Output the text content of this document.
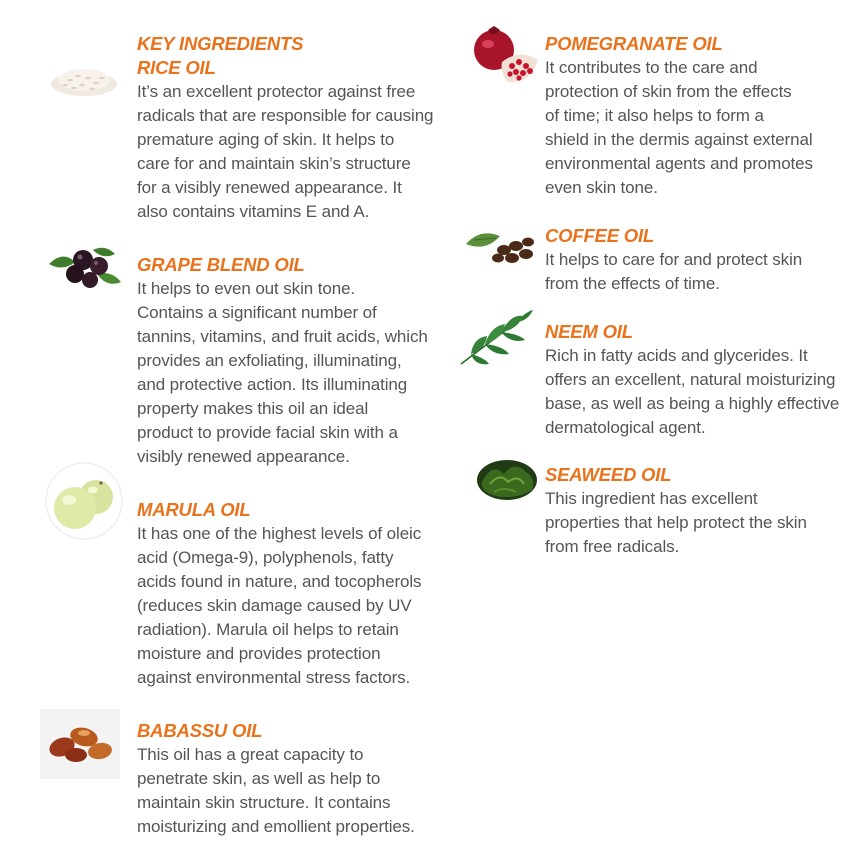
KEY INGREDIENTS
RICE OIL
It’s an excellent protector against free
radicals that are responsible for causing
premature aging of skin. It helps to
care for and maintain skin’s structure
for a visibly renewed appearance. It
also contains vitamins E and A.
GRAPE BLEND OIL
It helps to even out skin tone.
Contains a significant number of
tannins, vitamins, and fruit acids, which
provides an exfoliating, illuminating,
and protective action. Its illuminating
property makes this oil an ideal
product to provide facial skin with a
visibly renewed appearance.
MARULA OIL
It has one of the highest levels of oleic
acid (Omega-9), polyphenols, fatty
acids found in nature, and tocopherols
(reduces skin damage caused by UV
radiation). Marula oil helps to retain
moisture and provides protection
against environmental stress factors.
BABASSU OIL
This oil has a great capacity to
penetrate skin, as well as help to
maintain skin structure. It contains
moisturizing and emollient properties.
POMEGRANATE OIL
It contributes to the care and
protection of skin from the effects
of time; it also helps to form a
shield in the dermis against external
environmental agents and promotes
even skin tone.
COFFEE OIL
It helps to care for and protect skin
from the effects of time.
NEEM OIL
Rich in fatty acids and glycerides. It
offers an excellent, natural moisturizing
base, as well as being a highly effective
dermatological agent.
SEAWEED OIL
This ingredient has excellent
properties that help protect the skin
from free radicals.
